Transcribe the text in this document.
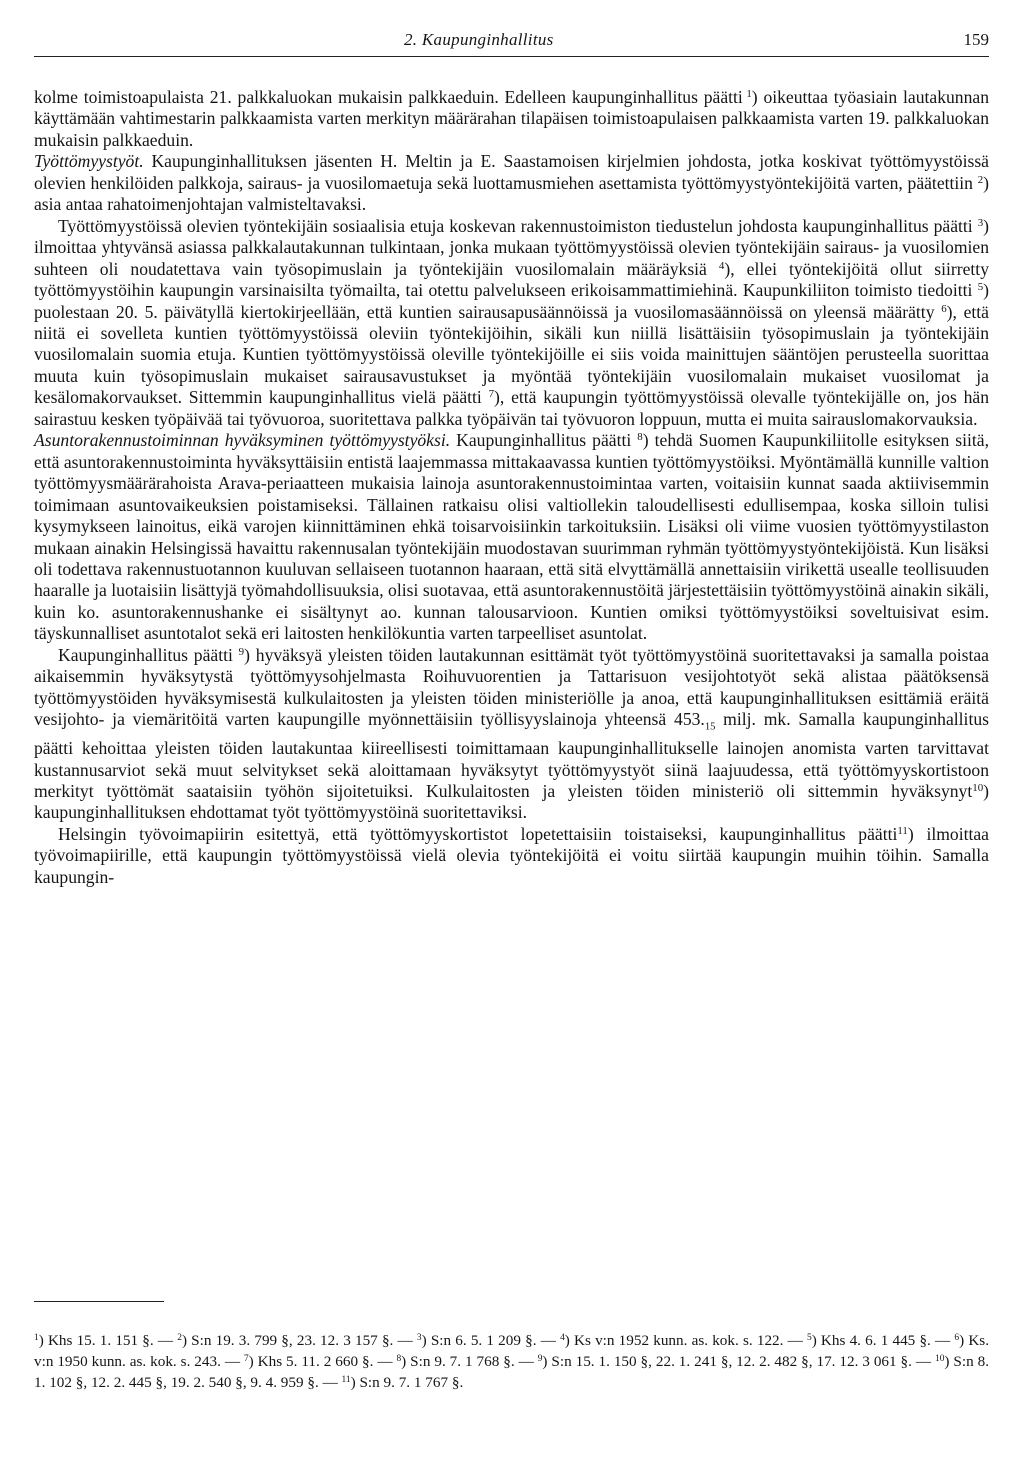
2. Kaupunginhallitus	159

kolme toimistoapulaista 21. palkkaluokan mukaisin palkkaeduin. Edelleen kaupunginhallitus päätti  $^1$) oikeuttaa työasiain lautakunnan käyttämään vahtimestarin palkkaamista varten merkityn määrärahan tilapäisen toimistoapulaisen palkkaamista varten 19. palkkaluokan mukaisin palkkaeduin.

Työttömyystyöt. Kaupunginhallituksen jäsenten H. Meltin ja E. Saastamoisen kirjelmien johdosta, jotka koskivat työttömyystöissä olevien henkilöiden palkkoja, sairaus- ja vuosilomaetuja sekä luottamusmiehen asettamista työttömyystyöntekijöitä varten, päätettiin $^2$) asia antaa rahatoimenjohtajan valmisteltavaksi.

Työttömyystöissä olevien työntekijäin sosiaalisia etuja koskevan rakennustoimiston tiedustelun johdosta kaupunginhallitus päätti $^3$) ilmoittaa yhtyvänsä asiassa palkkalautakunnan tulkintaan, jonka mukaan työttömyystöissä olevien työntekijäin sairaus- ja vuosilomien suhteen oli noudatettava vain työsopimuslain ja työntekijäin vuosilomalain määräyksiä $^4$), ellei työntekijöitä ollut siirretty työttömyystöihin kaupungin varsinaisilta työmailta, tai otettu palvelukseen erikoisammattimiehinä. Kaupunkiliiton toimisto tiedoitti $^5$) puolestaan 20. 5. päivätyllä kiertokirjeellään, että kuntien sairausapusäännöissä ja vuosilomasäännöissä on yleensä määrätty $^6$), että niitä ei sovelleta kuntien työttömyystöissä oleviin työntekijöihin, sikäli kun niillä lisättäisiin työsopimuslain ja työntekijäin vuosilomalain suomia etuja. Kuntien työttömyystöissä oleville työntekijöille ei siis voida mainittujen sääntöjen perusteella suorittaa muuta kuin työsopimuslain mukaiset sairausavustukset ja myöntää työntekijäin vuosilomalain mukaiset vuosilomat ja kesälomakorvaukset. Sittemmin kaupunginhallitus vielä päätti $^7$), että kaupungin työttömyystöissä olevalle työntekijälle on, jos hän sairastuu kesken työpäivää tai työvuoroa, suoritettava palkka työpäivän tai työvuoron loppuun, mutta ei muita sairauslomakorvauksia.

Asuntorakennustoiminnan hyväksyminen työttömyystyöksi. Kaupunginhallitus päätti $^8$) tehdä Suomen Kaupunkiliitolle esityksen siitä, että asuntorakennustoiminta hyväksyttäisiin entistä laajemmassa mittakaavassa kuntien työttömyystöiksi. Myöntämällä kunnille valtion työttömyysmäärärahoista Arava-periaatteen mukaisia lainoja asuntorakennustoimintaa varten, voitaisiin kunnat saada aktiivisemmin toimimaan asuntovaikeuksien poistamiseksi. Tällainen ratkaisu olisi valtiollekin taloudellisesti edullisempaa, koska silloin tulisi kysymykseen lainoitus, eikä varojen kiinnittäminen ehkä toisarvoisiinkin tarkoituksiin. Lisäksi oli viime vuosien työttömyystilaston mukaan ainakin Helsingissä havaittu rakennusalan työntekijäin muodostavan suurimman ryhmän työttömyystyöntekijöistä. Kun lisäksi oli todettava rakennustuotannon kuuluvan sellaiseen tuotannon haaraan, että sitä elvyttämällä annettaisiin virikettä usealle teollisuuden haaralle ja luotaisiin lisättyjä työmahdollisuuksia, olisi suotavaa, että asuntorakennustöitä järjestettäisiin työttömyystöinä ainakin sikäli, kuin ko. asuntorakennushanke ei sisältynyt ao. kunnan talousarvioon. Kuntien omiksi työttömyystöiksi soveltuisivat esim. täyskunnalliset asuntotalot sekä eri laitosten henkilökuntia varten tarpeelliset asuntolat.

Kaupunginhallitus päätti $^9$) hyväksyä yleisten töiden lautakunnan esittämät työt työttömyystöinä suoritettavaksi ja samalla poistaa aikaisemmin hyväksytystä työttömyysohjelmasta Roihuvuorentien ja Tattarisuon vesijohtotyöt sekä alistaa päätöksensä työttömyystöiden hyväksymisestä kulkulaitosten ja yleisten töiden ministeriölle ja anoa, että kaupunginhallituksen esittämiä eräitä vesijohto- ja viemäritöitä varten kaupungille myönnettäisiin työllisyyslainoja yhteensä $453._{15}$ milj. mk. Samalla kaupunginhallitus päätti kehoittaa yleisten töiden lautakuntaa kiireellisesti toimittamaan kaupunginhallitukselle lainojen anomista varten tarvittavat kustannusarviot sekä muut selvitykset sekä aloittamaan hyväksytyt työttömyystyöt siinä laajuudessa, että työttömyyskortistoon merkityt työttömät saataisiin työhön sijoitetuiksi. Kulkulaitosten ja yleisten töiden ministeriö oli sittemmin hyväksynyt$^{10}$) kaupunginhallituksen ehdottamat työt työttömyystöinä suoritettaviksi.

Helsingin työvoimapiirin esitettyä, että työttömyyskortistot lopetettaisiin toistaiseksi, kaupunginhallitus päätti$^{11}$) ilmoittaa työvoimapiirille, että kaupungin työttömyystöissä vielä olevia työntekijöitä ei voitu siirtää kaupungin muihin töihin. Samalla kaupungin-

$^1$) Khs 15. 1. 151 §. — $^2$) S:n 19. 3. 799 §, 23. 12. 3 157 §. — $^3$) S:n 6. 5. 1 209 §. — $^4$) Ks v:n 1952 kunn. as. kok. s. 122. — $^5$) Khs 4. 6. 1 445 §. — $^6$) Ks. v:n 1950 kunn. as. kok. s. 243. — $^7$) Khs 5. 11. 2 660 §. — $^8$) S:n 9. 7. 1 768 §. — $^9$) S:n 15. 1. 150 §, 22. 1. 241 §, 12. 2. 482 §, 17. 12. 3 061 §. — $^{10}$) S:n 8. 1. 102 §, 12. 2. 445 §, 19. 2. 540 §, 9. 4. 959 §. — $^{11}$) S:n 9. 7. 1 767 §.
